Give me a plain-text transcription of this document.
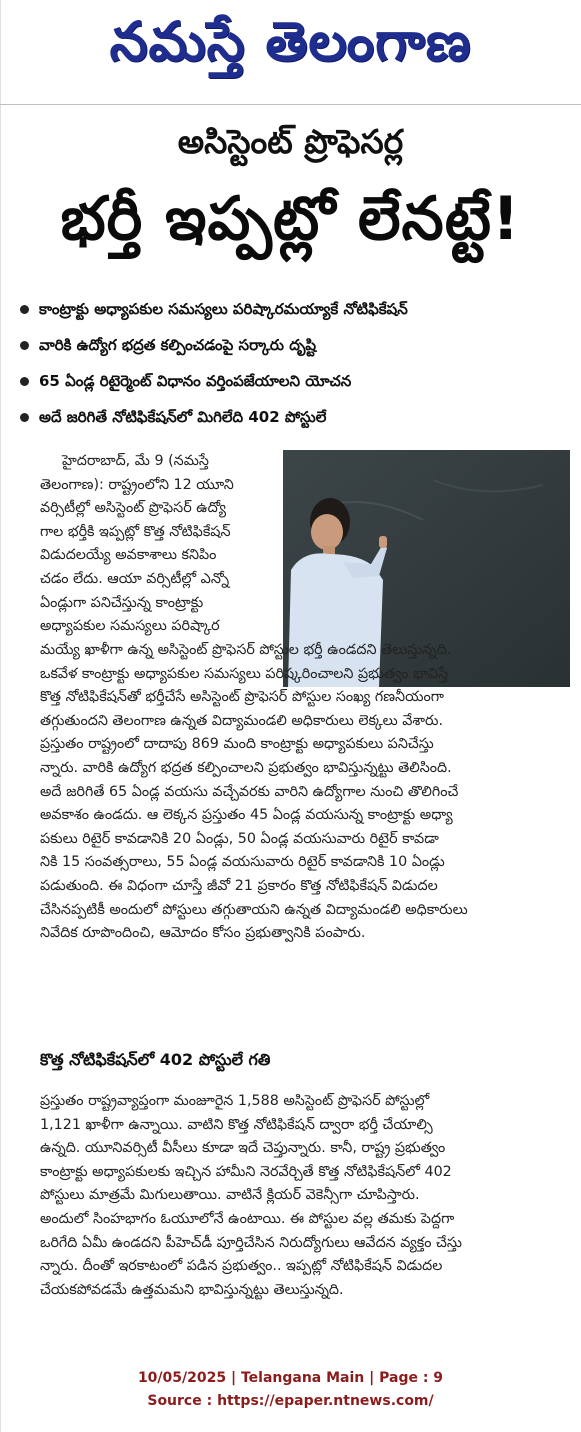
నమస్తే తెలంగాణ
అసిస్టెంట్ ప్రొఫెసర్ల
భర్తీ ఇప్పట్లో లేనట్టే!
కాంట్రాక్టు అధ్యాపకుల సమస్యలు పరిష్కారమయ్యాకే నోటిఫికేషన్
వారికి ఉద్యోగ భద్రత కల్పించడంపై సర్కారు దృష్టి
65 ఏండ్ల రిటైర్మెంట్ విధానం వర్తింపజేయాలని యోచన
అదే జరిగితే నోటిఫికేషన్‌లో మిగిలేది 402 పోస్టులే
హైదరాబాద్, మే 9 (నమస్తే
తెలంగాణ): రాష్ట్రంలోని 12 యూని
వర్సిటీల్లో అసిస్టెంట్ ప్రొఫెసర్ ఉద్యో
గాల భర్తీకి ఇప్పట్లో కొత్త నోటిఫికేషన్
విడుదలయ్యే అవకాశాలు కనిపిం
చడం లేదు. ఆయా వర్సిటీల్లో ఎన్నో
ఏండ్లుగా పనిచేస్తున్న కాంట్రాక్టు
అధ్యాపకుల సమస్యలు పరిష్కార
మయ్యే ఖాళీగా ఉన్న అసిస్టెంట్ ప్రొఫెసర్ పోస్టుల భర్తీ ఉండదని తెలుస్తున్నది.
ఒకవేళ కాంట్రాక్టు అధ్యాపకుల సమస్యలు పరిష్కరించాలని ప్రభుత్వం భావిస్తే
కొత్త నోటిఫికేషన్‌తో భర్తీచేసే అసిస్టెంట్ ప్రొఫెసర్ పోస్టుల సంఖ్య గణనీయంగా
తగ్గుతుందని తెలంగాణ ఉన్నత విద్యామండలి అధికారులు లెక్కలు వేశారు.
ప్రస్తుతం రాష్ట్రంలో దాదాపు 869 మంది కాంట్రాక్టు అధ్యాపకులు పనిచేస్తు
న్నారు. వారికి ఉద్యోగ భద్రత కల్పించాలని ప్రభుత్వం భావిస్తున్నట్టు తెలిసింది.
అదే జరిగితే 65 ఏండ్ల వయసు వచ్చేవరకు వారిని ఉద్యోగాల నుంచి తొలిగించే
అవకాశం ఉండదు. ఆ లెక్కన ప్రస్తుతం 45 ఏండ్ల వయసున్న కాంట్రాక్టు అధ్యా
పకులు రిటైర్ కావడానికి 20 ఏండ్లు, 50 ఏండ్ల వయసువారు రిటైర్ కావడా
నికి 15 సంవత్సరాలు, 55 ఏండ్ల వయసువారు రిటైర్ కావడానికి 10 ఏండ్లు
పడుతుంది. ఈ విధంగా చూస్తే జీవో 21 ప్రకారం కొత్త నోటిఫికేషన్ విడుదల
చేసినప్పటికీ అందులో పోస్టులు తగ్గుతాయని ఉన్నత విద్యామండలి అధికారులు
నివేదిక రూపొందించి, ఆమోదం కోసం ప్రభుత్వానికి పంపారు.
కొత్త నోటిఫికేషన్‌లో 402 పోస్టులే గతి
ప్రస్తుతం రాష్ట్రవ్యాప్తంగా మంజూరైన 1,588 అసిస్టెంట్ ప్రొఫెసర్ పోస్టుల్లో
1,121 ఖాళీగా ఉన్నాయి. వాటిని కొత్త నోటిఫికేషన్ ద్వారా భర్తీ చేయాల్సి
ఉన్నది. యూనివర్సిటీ వీసీలు కూడా ఇదే చెప్తున్నారు. కానీ, రాష్ట్ర ప్రభుత్వం
కాంట్రాక్టు అధ్యాపకులకు ఇచ్చిన హామీని నెరవేర్చితే కొత్త నోటిఫికేషన్‌లో 402
పోస్టులు మాత్రమే మిగులుతాయి. వాటినే క్లియర్ వెకెన్సీగా చూపిస్తారు.
అందులో సింహభాగం ఓయూలోనే ఉంటాయి. ఈ పోస్టుల వల్ల తమకు పెద్దగా
ఒరిగేది ఏమీ ఉండదని పీహెచ్‌డీ పూర్తిచేసిన నిరుద్యోగులు ఆవేదన వ్యక్తం చేస్తు
న్నారు. దీంతో ఇరకాటంలో పడిన ప్రభుత్వం.. ఇప్పట్లో నోటిఫికేషన్ విడుదల
చేయకపోవడమే ఉత్తమమని భావిస్తున్నట్టు తెలుస్తున్నది.
10/05/2025 | Telangana Main | Page : 9
Source : https://epaper.ntnews.com/
